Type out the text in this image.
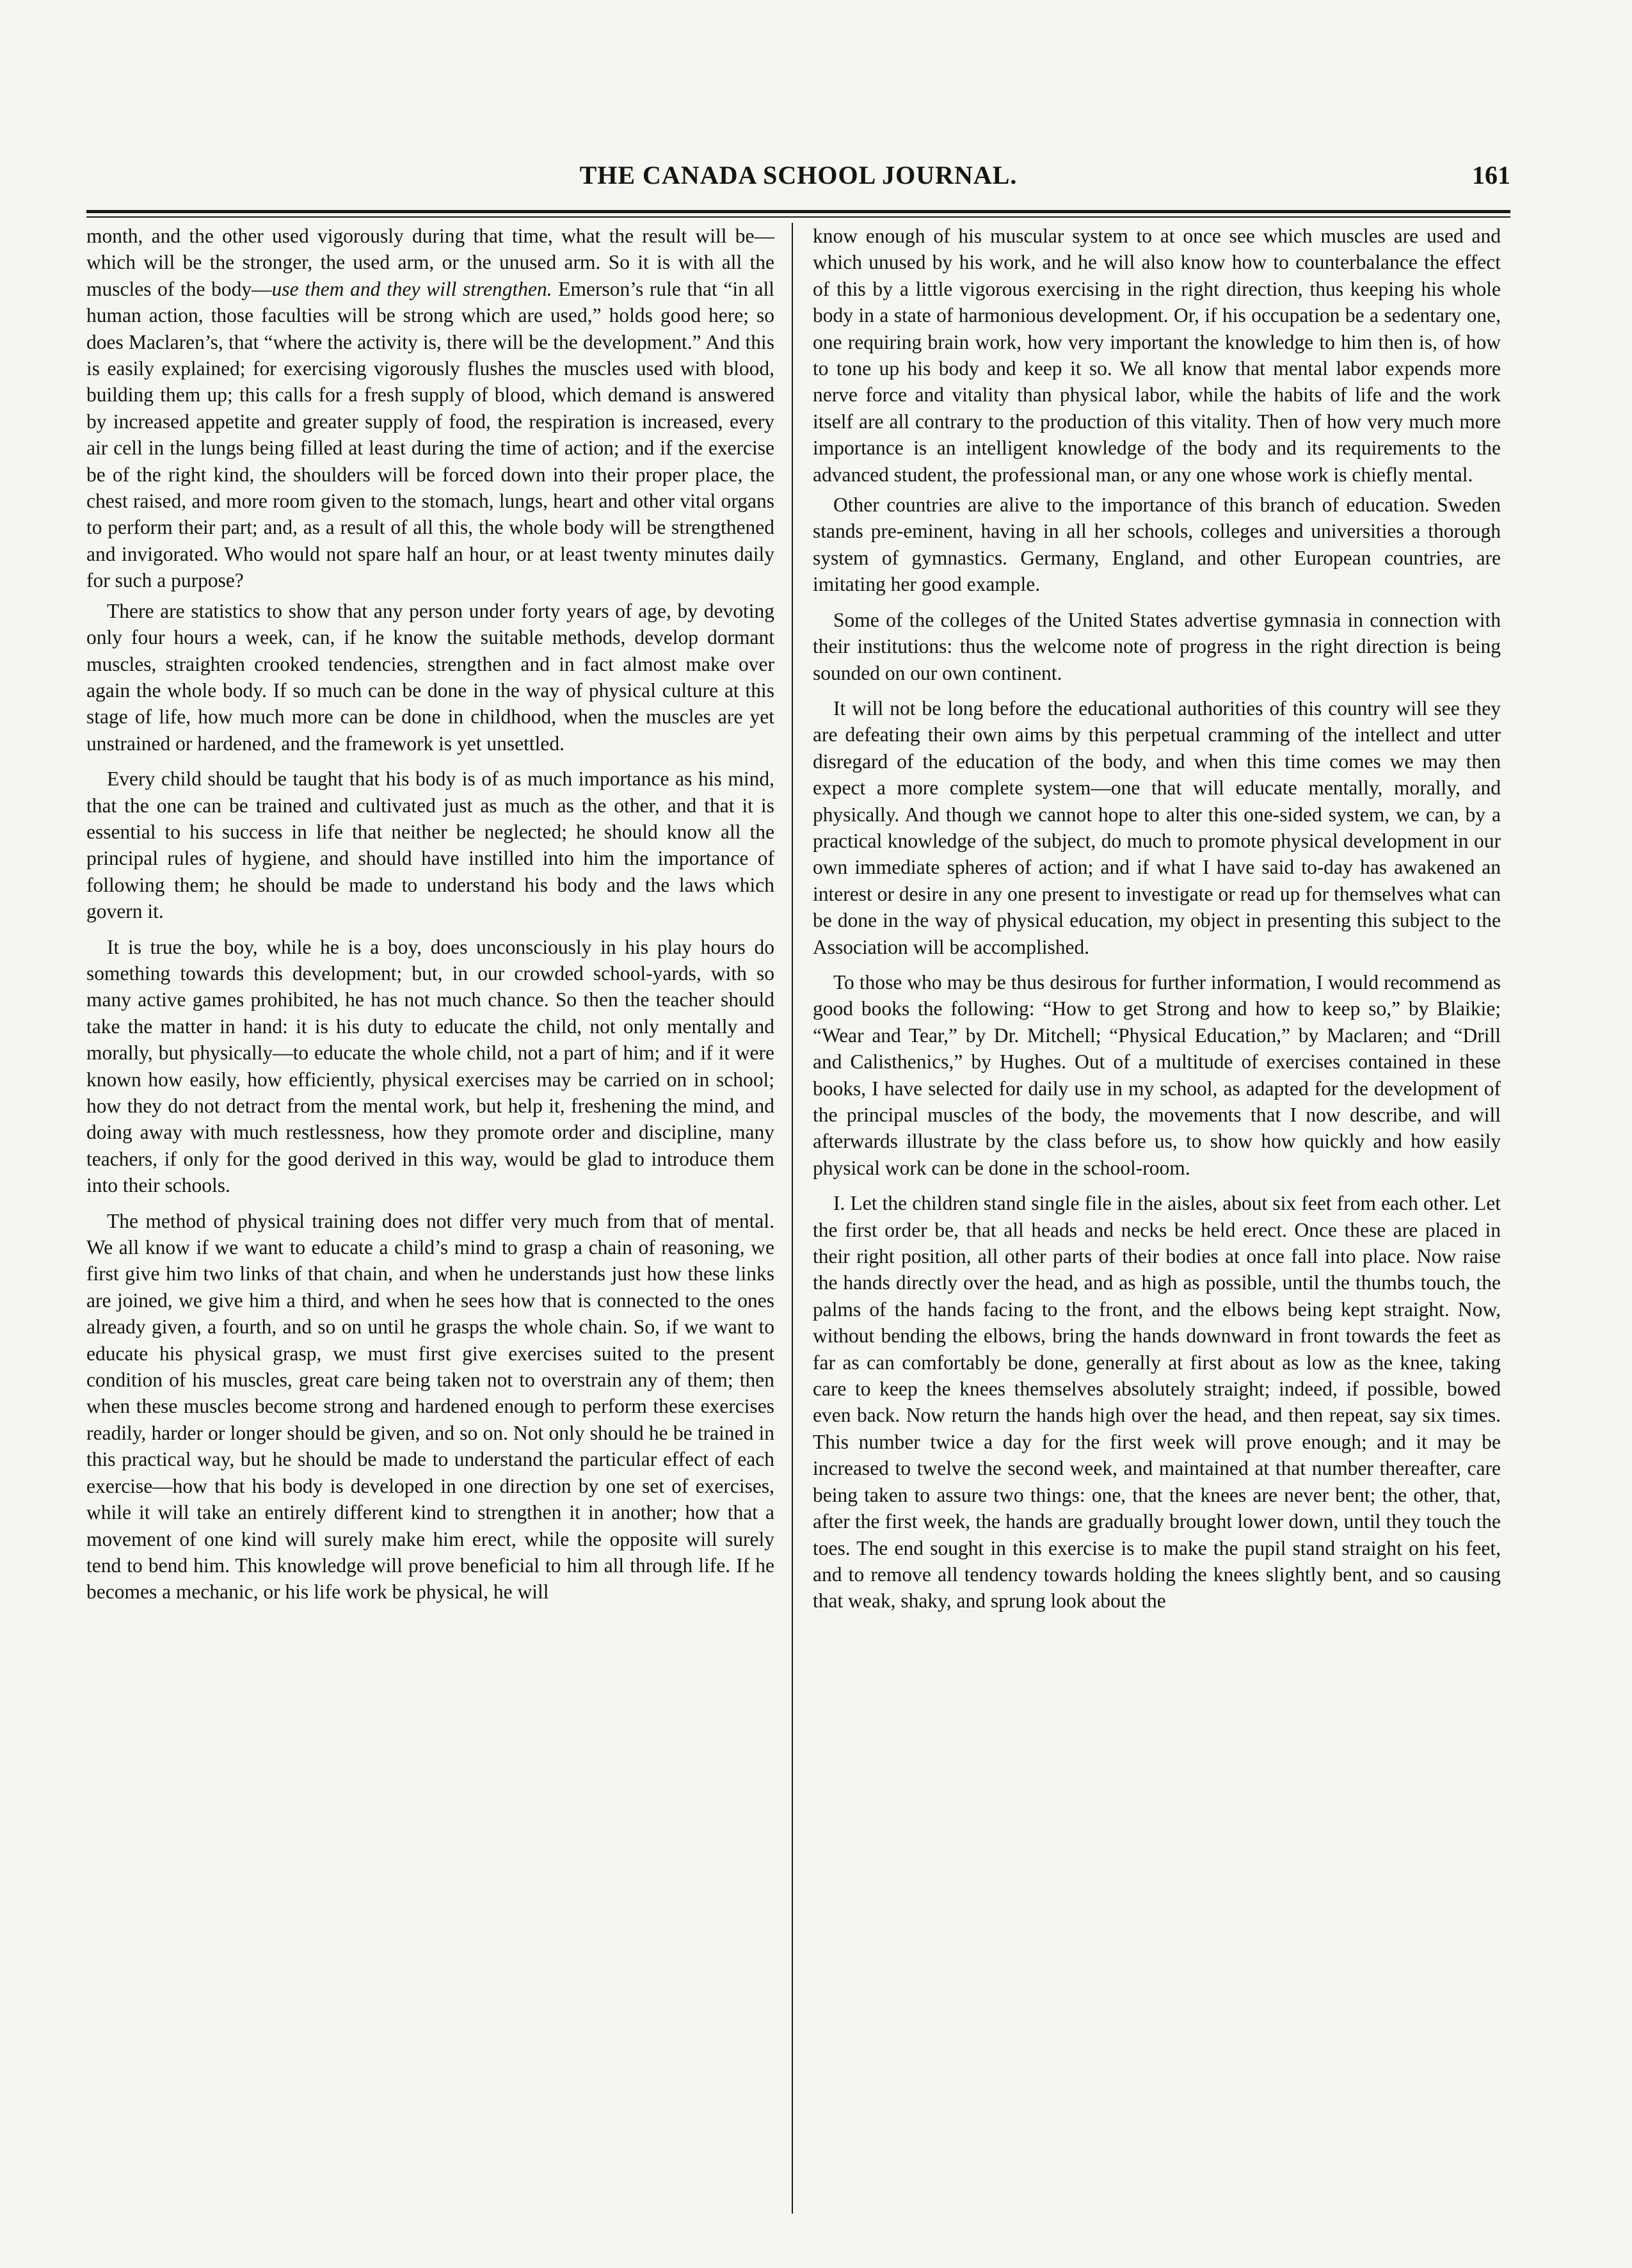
THE CANADA SCHOOL JOURNAL.	161

month, and the other used vigorously during that time, what the result will be—which will be the stronger, the used arm, or the unused arm. So it is with all the muscles of the body—use them and they will strengthen. Emerson’s rule that “in all human action, those faculties will be strong which are used,” holds good here; so does Maclaren’s, that “where the activity is, there will be the development.” And this is easily explained; for exercising vigorously flushes the muscles used with blood, building them up; this calls for a fresh supply of blood, which demand is answered by increased appetite and greater supply of food, the respiration is increased, every air cell in the lungs being filled at least during the time of action; and if the exercise be of the right kind, the shoulders will be forced down into their proper place, the chest raised, and more room given to the stomach, lungs, heart and other vital organs to perform their part; and, as a result of all this, the whole body will be strengthened and invigorated. Who would not spare half an hour, or at least twenty minutes daily for such a purpose?

There are statistics to show that any person under forty years of age, by devoting only four hours a week, can, if he know the suitable methods, develop dormant muscles, straighten crooked tendencies, strengthen and in fact almost make over again the whole body. If so much can be done in the way of physical culture at this stage of life, how much more can be done in childhood, when the muscles are yet unstrained or hardened, and the framework is yet unsettled.

Every child should be taught that his body is of as much importance as his mind, that the one can be trained and cultivated just as much as the other, and that it is essential to his success in life that neither be neglected; he should know all the principal rules of hygiene, and should have instilled into him the importance of following them; he should be made to understand his body and the laws which govern it.

It is true the boy, while he is a boy, does unconsciously in his play hours do something towards this development; but, in our crowded school-yards, with so many active games prohibited, he has not much chance. So then the teacher should take the matter in hand: it is his duty to educate the child, not only mentally and morally, but physically—to educate the whole child, not a part of him; and if it were known how easily, how efficiently, physical exercises may be carried on in school; how they do not detract from the mental work, but help it, freshening the mind, and doing away with much restlessness, how they promote order and discipline, many teachers, if only for the good derived in this way, would be glad to introduce them into their schools.

The method of physical training does not differ very much from that of mental. We all know if we want to educate a child’s mind to grasp a chain of reasoning, we first give him two links of that chain, and when he understands just how these links are joined, we give him a third, and when he sees how that is connected to the ones already given, a fourth, and so on until he grasps the whole chain. So, if we want to educate his physical grasp, we must first give exercises suited to the present condition of his muscles, great care being taken not to overstrain any of them; then when these muscles become strong and hardened enough to perform these exercises readily, harder or longer should be given, and so on. Not only should he be trained in this practical way, but he should be made to understand the particular effect of each exercise—how that his body is developed in one direction by one set of exercises, while it will take an entirely different kind to strengthen it in another; how that a movement of one kind will surely make him erect, while the opposite will surely tend to bend him. This knowledge will prove beneficial to him all through life. If he becomes a mechanic, or his life work be physical, he will

know enough of his muscular system to at once see which muscles are used and which unused by his work, and he will also know how to counterbalance the effect of this by a little vigorous exercising in the right direction, thus keeping his whole body in a state of harmonious development. Or, if his occupation be a sedentary one, one requiring brain work, how very important the knowledge to him then is, of how to tone up his body and keep it so. We all know that mental labor expends more nerve force and vitality than physical labor, while the habits of life and the work itself are all contrary to the production of this vitality. Then of how very much more importance is an intelligent knowledge of the body and its requirements to the advanced student, the professional man, or any one whose work is chiefly mental.

Other countries are alive to the importance of this branch of education. Sweden stands pre-eminent, having in all her schools, colleges and universities a thorough system of gymnastics. Germany, England, and other European countries, are imitating her good example.

Some of the colleges of the United States advertise gymnasia in connection with their institutions: thus the welcome note of progress in the right direction is being sounded on our own continent.

It will not be long before the educational authorities of this country will see they are defeating their own aims by this perpetual cramming of the intellect and utter disregard of the education of the body, and when this time comes we may then expect a more complete system—one that will educate mentally, morally, and physically. And though we cannot hope to alter this one-sided system, we can, by a practical knowledge of the subject, do much to promote physical development in our own immediate spheres of action; and if what I have said to-day has awakened an interest or desire in any one present to investigate or read up for themselves what can be done in the way of physical education, my object in presenting this subject to the Association will be accomplished.

To those who may be thus desirous for further information, I would recommend as good books the following: “How to get Strong and how to keep so,” by Blaikie; “Wear and Tear,” by Dr. Mitchell; “Physical Education,” by Maclaren; and “Drill and Calisthenics,” by Hughes. Out of a multitude of exercises contained in these books, I have selected for daily use in my school, as adapted for the development of the principal muscles of the body, the movements that I now describe, and will afterwards illustrate by the class before us, to show how quickly and how easily physical work can be done in the school-room.

I. Let the children stand single file in the aisles, about six feet from each other. Let the first order be, that all heads and necks be held erect. Once these are placed in their right position, all other parts of their bodies at once fall into place. Now raise the hands directly over the head, and as high as possible, until the thumbs touch, the palms of the hands facing to the front, and the elbows being kept straight. Now, without bending the elbows, bring the hands downward in front towards the feet as far as can comfortably be done, generally at first about as low as the knee, taking care to keep the knees themselves absolutely straight; indeed, if possible, bowed even back. Now return the hands high over the head, and then repeat, say six times. This number twice a day for the first week will prove enough; and it may be increased to twelve the second week, and maintained at that number thereafter, care being taken to assure two things: one, that the knees are never bent; the other, that, after the first week, the hands are gradually brought lower down, until they touch the toes. The end sought in this exercise is to make the pupil stand straight on his feet, and to remove all tendency towards holding the knees slightly bent, and so causing that weak, shaky, and sprung look about the
